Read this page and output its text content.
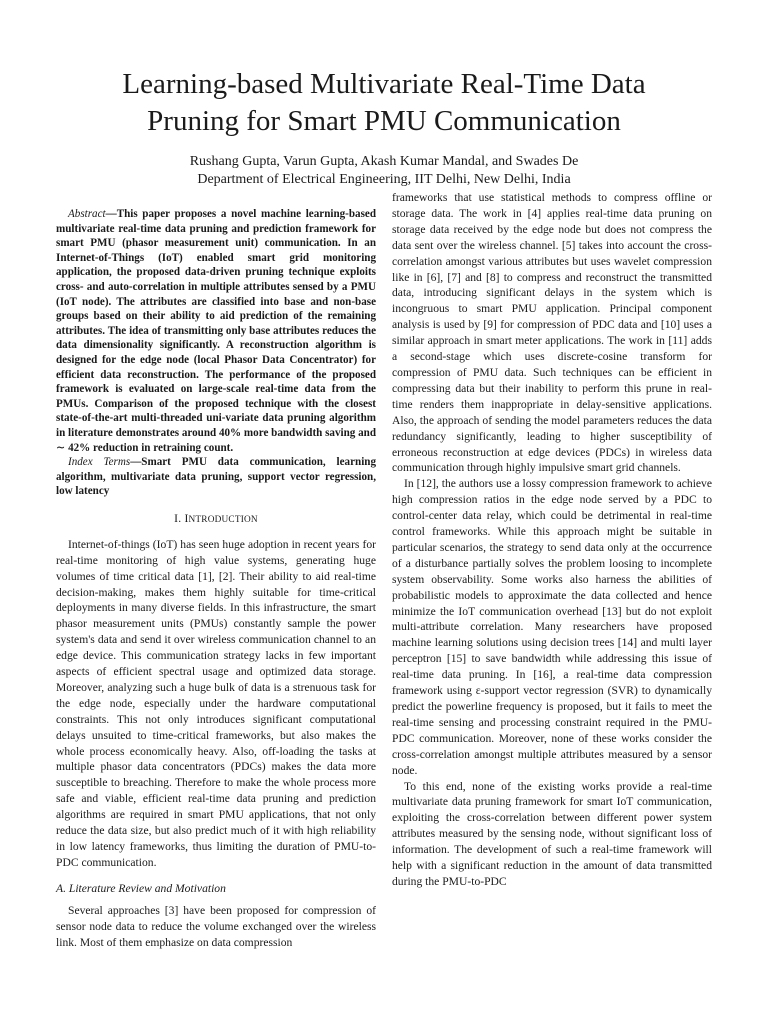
Learning-based Multivariate Real-Time Data
Pruning for Smart PMU Communication
Rushang Gupta, Varun Gupta, Akash Kumar Mandal, and Swades De
Department of Electrical Engineering, IIT Delhi, New Delhi, India

Abstract—This paper proposes a novel machine learning-based multivariate real-time data pruning and prediction framework for smart PMU (phasor measurement unit) communication. In an Internet-of-Things (IoT) enabled smart grid monitoring application, the proposed data-driven pruning technique exploits cross- and auto-correlation in multiple attributes sensed by a PMU (IoT node). The attributes are classified into base and non-base groups based on their ability to aid prediction of the remaining attributes. The idea of transmitting only base attributes reduces the data dimensionality significantly. A reconstruction algorithm is designed for the edge node (local Phasor Data Concentrator) for efficient data reconstruction. The performance of the proposed framework is evaluated on large-scale real-time data from the PMUs. Comparison of the proposed technique with the closest state-of-the-art multi-threaded uni-variate data pruning algorithm in literature demonstrates around 40% more bandwidth saving and ∼ 42% reduction in retraining count.

Index Terms—Smart PMU data communication, learning algorithm, multivariate data pruning, support vector regression, low latency

I. INTRODUCTION

Internet-of-things (IoT) has seen huge adoption in recent years for real-time monitoring of high value systems, generating huge volumes of time critical data [1], [2]. Their ability to aid real-time decision-making, makes them highly suitable for time-critical deployments in many diverse fields. In this infrastructure, the smart phasor measurement units (PMUs) constantly sample the power system's data and send it over wireless communication channel to an edge device. This communication strategy lacks in few important aspects of efficient spectral usage and optimized data storage. Moreover, analyzing such a huge bulk of data is a strenuous task for the edge node, especially under the hardware computational constraints. This not only introduces significant computational delays unsuited to time-critical frameworks, but also makes the whole process economically heavy. Also, off-loading the tasks at multiple phasor data concentrators (PDCs) makes the data more susceptible to breaching. Therefore to make the whole process more safe and viable, efficient real-time data pruning and prediction algorithms are required in smart PMU applications, that not only reduce the data size, but also predict much of it with high reliability in low latency frameworks, thus limiting the duration of PMU-to-PDC communication.

A. Literature Review and Motivation

Several approaches [3] have been proposed for compression of sensor node data to reduce the volume exchanged over the wireless link. Most of them emphasize on data compression

frameworks that use statistical methods to compress offline or storage data. The work in [4] applies real-time data pruning on storage data received by the edge node but does not compress the data sent over the wireless channel. [5] takes into account the cross-correlation amongst various attributes but uses wavelet compression like in [6], [7] and [8] to compress and reconstruct the transmitted data, introducing significant delays in the system which is incongruous to smart PMU application. Principal component analysis is used by [9] for compression of PDC data and [10] uses a similar approach in smart meter applications. The work in [11] adds a second-stage which uses discrete-cosine transform for compression of PMU data. Such techniques can be efficient in compressing data but their inability to perform this prune in real-time renders them inappropriate in delay-sensitive applications. Also, the approach of sending the model parameters reduces the data redundancy significantly, leading to higher susceptibility of erroneous reconstruction at edge devices (PDCs) in wireless data communication through highly impulsive smart grid channels.

In [12], the authors use a lossy compression framework to achieve high compression ratios in the edge node served by a PDC to control-center data relay, which could be detrimental in real-time control frameworks. While this approach might be suitable in particular scenarios, the strategy to send data only at the occurrence of a disturbance partially solves the problem loosing to incomplete system observability. Some works also harness the abilities of probabilistic models to approximate the data collected and hence minimize the IoT communication overhead [13] but do not exploit multi-attribute correlation. Many researchers have proposed machine learning solutions using decision trees [14] and multi layer perceptron [15] to save bandwidth while addressing this issue of real-time data pruning. In [16], a real-time data compression framework using ε-support vector regression (SVR) to dynamically predict the powerline frequency is proposed, but it fails to meet the real-time sensing and processing constraint required in the PMU-PDC communication. Moreover, none of these works consider the cross-correlation amongst multiple attributes measured by a sensor node.

To this end, none of the existing works provide a real-time multivariate data pruning framework for smart IoT communication, exploiting the cross-correlation between different power system attributes measured by the sensing node, without significant loss of information. The development of such a real-time framework will help with a significant reduction in the amount of data transmitted during the PMU-to-PDC
